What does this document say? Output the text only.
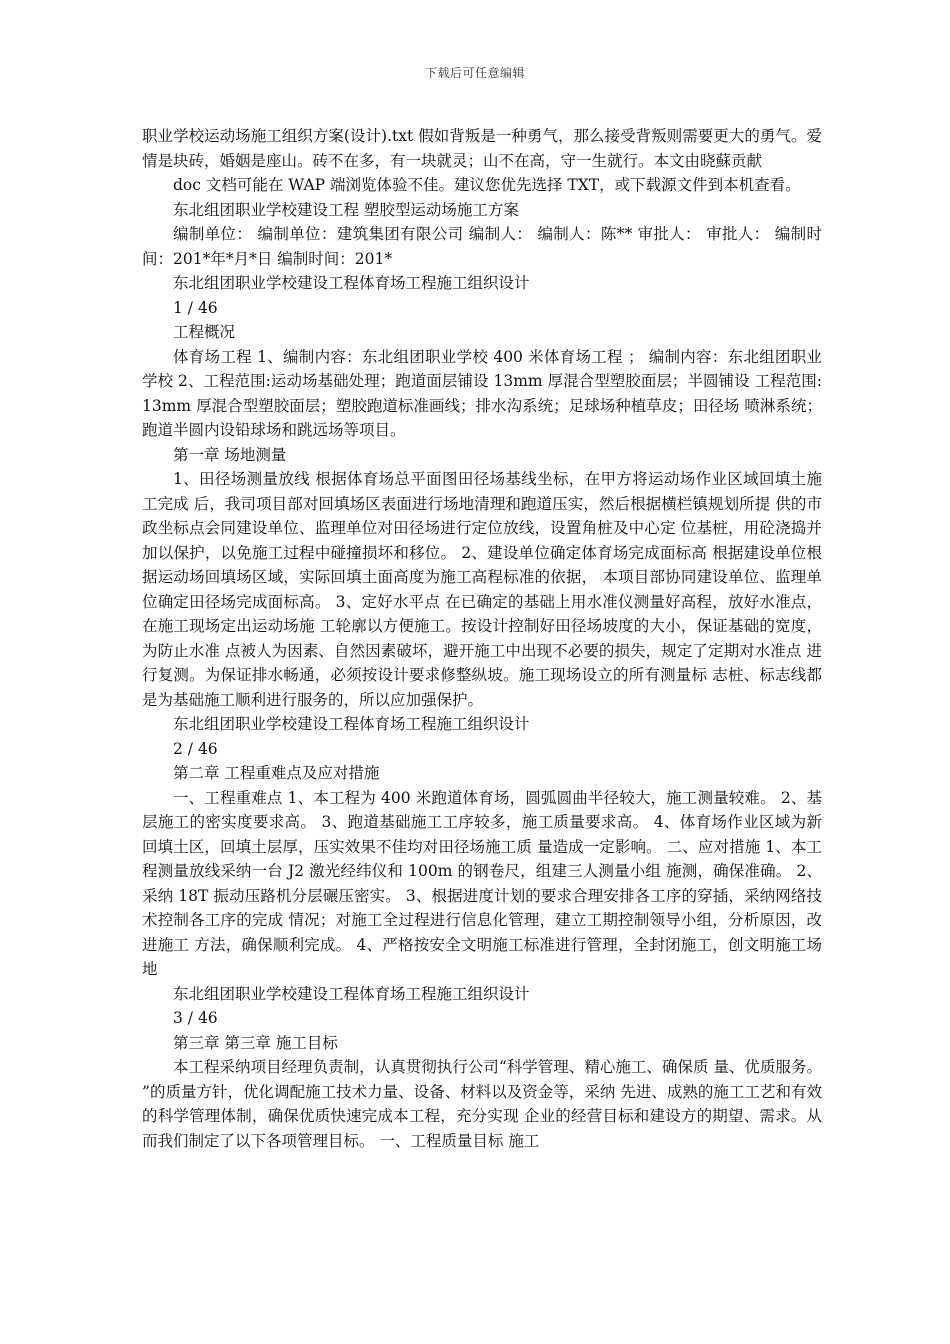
下载后可任意编辑

职业学校运动场施工组织方案(设计).txt 假如背叛是一种勇气，那么接受背叛则需要更大的勇气。爱情是块砖，婚姻是座山。砖不在多，有一块就灵；山不在高，守一生就行。本文由晓蘇贡献

doc 文档可能在 WAP 端浏览体验不佳。建议您优先选择 TXT，或下载源文件到本机查看。

东北组团职业学校建设工程 塑胶型运动场施工方案

编制单位： 编制单位：建筑集团有限公司 编制人： 编制人：陈** 审批人： 审批人： 编制时间：201*年*月*日 编制时间：201*

东北组团职业学校建设工程体育场工程施工组织设计

1 / 46

工程概况

体育场工程 1、编制内容：东北组团职业学校 400 米体育场工程 ； 编制内容：东北组团职业学校 2、工程范围:运动场基础处理；跑道面层铺设 13mm 厚混合型塑胶面层；半圆铺设 工程范围: 13mm 厚混合型塑胶面层；塑胶跑道标准画线；排水沟系统；足球场种植草皮；田径场 喷淋系统；跑道半圆内设铅球场和跳远场等项目。

第一章 场地测量

1、田径场测量放线 根据体育场总平面图田径场基线坐标，在甲方将运动场作业区域回填土施工完成 后，我司项目部对回填场区表面进行场地清理和跑道压实，然后根据横栏镇规划所提 供的市政坐标点会同建设单位、监理单位对田径场进行定位放线，设置角桩及中心定 位基桩，用砼浇捣并加以保护，以免施工过程中碰撞损坏和移位。 2、建设单位确定体育场完成面标高 根据建设单位根据运动场回填场区域，实际回填土面高度为施工高程标准的依据， 本项目部协同建设单位、监理单位确定田径场完成面标高。 3、定好水平点 在已确定的基础上用水准仪测量好高程，放好水准点，在施工现场定出运动场施 工轮廓以方便施工。按设计控制好田径场坡度的大小，保证基础的宽度，为防止水准 点被人为因素、自然因素破坏，避开施工中出现不必要的损失，规定了定期对水准点 进行复测。为保证排水畅通，必须按设计要求修整纵坡。施工现场设立的所有测量标 志桩、标志线都是为基础施工顺利进行服务的，所以应加强保护。

东北组团职业学校建设工程体育场工程施工组织设计

2 / 46

第二章 工程重难点及应对措施

一、工程重难点 1、本工程为 400 米跑道体育场，圆弧圆曲半径较大，施工测量较难。 2、基层施工的密实度要求高。 3、跑道基础施工工序较多，施工质量要求高。 4、体育场作业区域为新回填土区，回填土层厚，压实效果不佳均对田径场施工质 量造成一定影响。 二、应对措施 1、本工程测量放线采纳一台 J2 激光经纬仪和 100m 的钢卷尺，组建三人测量小组 施测，确保准确。 2、采纳 18T 振动压路机分层碾压密实。 3、根据进度计划的要求合理安排各工序的穿插，采纳网络技术控制各工序的完成 情况；对施工全过程进行信息化管理，建立工期控制领导小组，分析原因，改进施工 方法，确保顺利完成。 4、严格按安全文明施工标准进行管理，全封闭施工，创文明施工场地

东北组团职业学校建设工程体育场工程施工组织设计

3 / 46

第三章 第三章 施工目标

本工程采纳项目经理负责制，认真贯彻执行公司“科学管理、精心施工、确保质 量、优质服务。 ”的质量方针，优化调配施工技术力量、设备、材料以及资金等，采纳 先进、成熟的施工工艺和有效的科学管理体制，确保优质快速完成本工程，充分实现 企业的经营目标和建设方的期望、需求。从而我们制定了以下各项管理目标。 一、工程质量目标 施工
